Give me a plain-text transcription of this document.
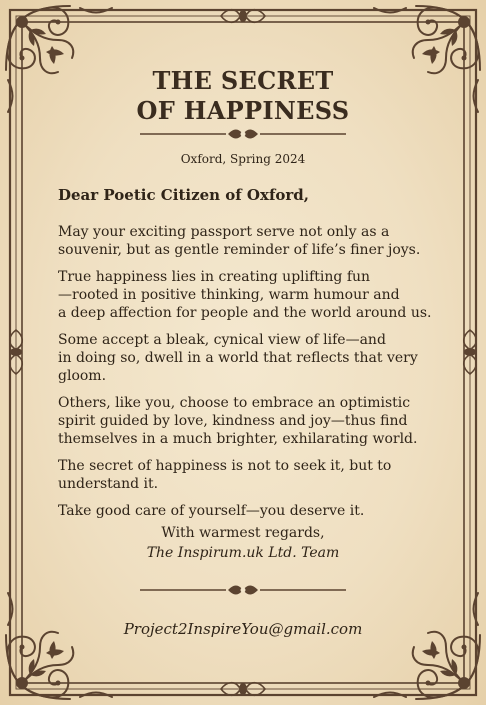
THE SECRET
OF HAPPINESS
Oxford, Spring 2024
Dear Poetic Citizen of Oxford,

May your exciting passport serve not only as a
souvenir, but as gentle reminder of life’s finer joys.

True happiness lies in creating uplifting fun
—rooted in positive thinking, warm humour and
a deep affection for people and the world around us.

Some accept a bleak, cynical view of life—and
in doing so, dwell in a world that reflects that very
gloom.

Others, like you, choose to embrace an optimistic
spirit guided by love, kindness and joy—thus find
themselves in a much brighter, exhilarating world.

The secret of happiness is not to seek it, but to
understand it.

Take good care of yourself—you deserve it.

With warmest regards,
The Inspirum.uk Ltd. Team
Project2InspireYou@gmail.com
